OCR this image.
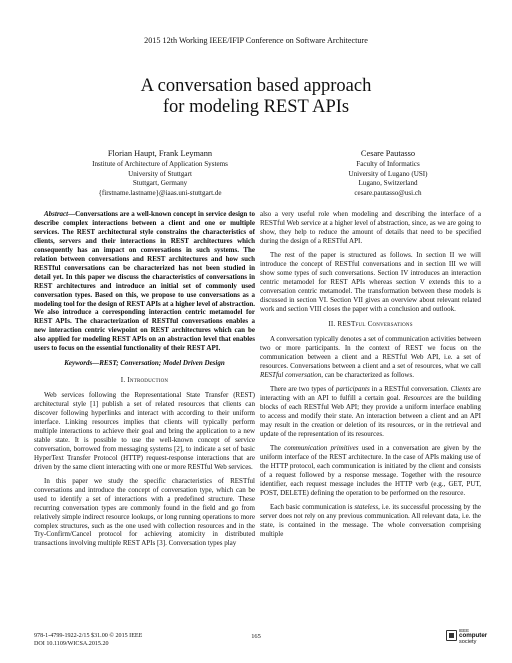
2015 12th Working IEEE/IFIP Conference on Software Architecture
A conversation based approach
for modeling REST APIs
Florian Haupt, Frank Leymann
Institute of Architecture of Application Systems
University of Stuttgart
Stuttgart, Germany
{firstname.lastname}@iaas.uni-stuttgart.de
Cesare Pautasso
Faculty of Informatics
University of Lugano (USI)
Lugano, Switzerland
cesare.pautasso@usi.ch

Abstract—Conversations are a well-known concept in service design to describe complex interactions between a client and one or multiple services. The REST architectural style constrains the characteristics of clients, servers and their interactions in REST architectures which consequently has an impact on conversations in such systems. The relation between conversations and REST architectures and how such RESTful conversations can be characterized has not been studied in detail yet. In this paper we discuss the characteristics of conversations in REST architectures and introduce an initial set of commonly used conversation types. Based on this, we propose to use conversations as a modeling tool for the design of REST APIs at a higher level of abstraction. We also introduce a corresponding interaction centric metamodel for REST APIs. The characterization of RESTful conversations enables a new interaction centric viewpoint on REST architectures which can be also applied for modeling REST APIs on an abstraction level that enables users to focus on the essential functionality of their REST API.

Keywords—REST; Conversation; Model Driven Design

I. Introduction

Web services following the Representational State Transfer (REST) architectural style [1] publish a set of related resources that clients can discover following hyperlinks and interact with according to their uniform interface. Linking resources implies that clients will typically perform multiple interactions to achieve their goal and bring the application to a new stable state. It is possible to use the well-known concept of service conversation, borrowed from messaging systems [2], to indicate a set of basic HyperText Transfer Protocol (HTTP) request-response interactions that are driven by the same client interacting with one or more RESTful Web services.

In this paper we study the specific characteristics of RESTful conversations and introduce the concept of conversation type, which can be used to identify a set of interactions with a predefined structure. These recurring conversation types are commonly found in the field and go from relatively simple indirect resource lookups, or long running operations to more complex structures, such as the one used with collection resources and in the Try-Confirm/Cancel protocol for achieving atomicity in distributed transactions involving multiple REST APIs [3]. Conversation types play

also a very useful role when modeling and describing the interface of a RESTful Web service at a higher level of abstraction, since, as we are going to show, they help to reduce the amount of details that need to be specified during the design of a RESTful API.

The rest of the paper is structured as follows. In section II we will introduce the concept of RESTful conversations and in section III we will show some types of such conversations. Section IV introduces an interaction centric metamodel for REST APIs whereas section V extends this to a conversation centric metamodel. The transformation between these models is discussed in section VI. Section VII gives an overview about relevant related work and section VIII closes the paper with a conclusion and outlook.

II. RESTful Conversations

A conversation typically denotes a set of communication activities between two or more participants. In the context of REST we focus on the communication between a client and a RESTful Web API, i.e. a set of resources. Conversations between a client and a set of resources, what we call RESTful conversation, can be characterized as follows.

There are two types of participants in a RESTful conversation. Clients are interacting with an API to fulfill a certain goal. Resources are the building blocks of each RESTful Web API; they provide a uniform interface enabling to access and modify their state. An interaction between a client and an API may result in the creation or deletion of its resources, or in the retrieval and update of the representation of its resources.

The communication primitives used in a conversation are given by the uniform interface of the REST architecture. In the case of APIs making use of the HTTP protocol, each communication is initiated by the client and consists of a request followed by a response message. Together with the resource identifier, each request message includes the HTTP verb (e.g., GET, PUT, POST, DELETE) defining the operation to be performed on the resource.

Each basic communication is stateless, i.e. its successful processing by the server does not rely on any previous communication. All relevant data, i.e. the state, is contained in the message. The whole conversation comprising multiple

978-1-4799-1922-2/15 $31.00 © 2015 IEEE
DOI 10.1109/WICSA.2015.20
165
IEEE
computer
society
